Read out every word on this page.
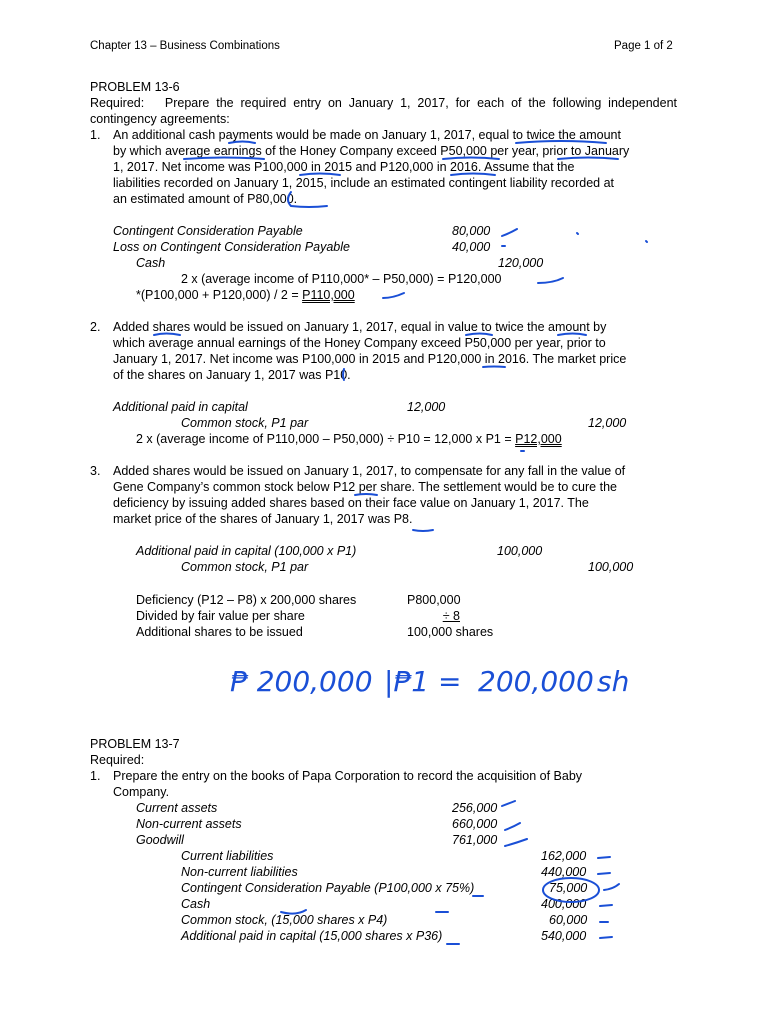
Chapter 13 – Business Combinations	Page 1 of 2
PROBLEM 13-6
Required: Prepare the required entry on January 1, 2017, for each of the following independent contingency agreements:
1. An additional cash payments would be made on January 1, 2017, equal to twice the amount
by which average earnings of the Honey Company exceed P50,000 per year, prior to January
1, 2017. Net income was P100,000 in 2015 and P120,000 in 2016. Assume that the
liabilities recorded on January 1, 2015, include an estimated contingent liability recorded at
an estimated amount of P80,000.
Contingent Consideration Payable	80,000
Loss on Contingent Consideration Payable	40,000
Cash	120,000
2 x (average income of P110,000* – P50,000) = P120,000
*(P100,000 + P120,000) / 2 = P110,000
2. Added shares would be issued on January 1, 2017, equal in value to twice the amount by
which average annual earnings of the Honey Company exceed P50,000 per year, prior to
January 1, 2017. Net income was P100,000 in 2015 and P120,000 in 2016. The market price
of the shares on January 1, 2017 was P10.
Additional paid in capital	12,000
Common stock, P1 par	12,000
2 x (average income of P110,000 – P50,000) ÷ P10 = 12,000 x P1 = P12,000
3. Added shares would be issued on January 1, 2017, to compensate for any fall in the value of
Gene Company’s common stock below P12 per share. The settlement would be to cure the
deficiency by issuing added shares based on their face value on January 1, 2017. The
market price of the shares of January 1, 2017 was P8.
Additional paid in capital (100,000 x P1)	100,000
Common stock, P1 par	100,000
Deficiency (P12 – P8) x 200,000 shares	P800,000
Divided by fair value per share	÷ 8
Additional shares to be issued	100,000 shares
₱ 200,000 |₱1 = 200,000 sh
PROBLEM 13-7
Required:
1. Prepare the entry on the books of Papa Corporation to record the acquisition of Baby
Company.
Current assets	256,000
Non-current assets	660,000
Goodwill	761,000
Current liabilities	162,000
Non-current liabilities	440,000
Contingent Consideration Payable (P100,000 x 75%)	75,000
Cash	400,000
Common stock, (15,000 shares x P4)	60,000
Additional paid in capital (15,000 shares x P36)	540,000
